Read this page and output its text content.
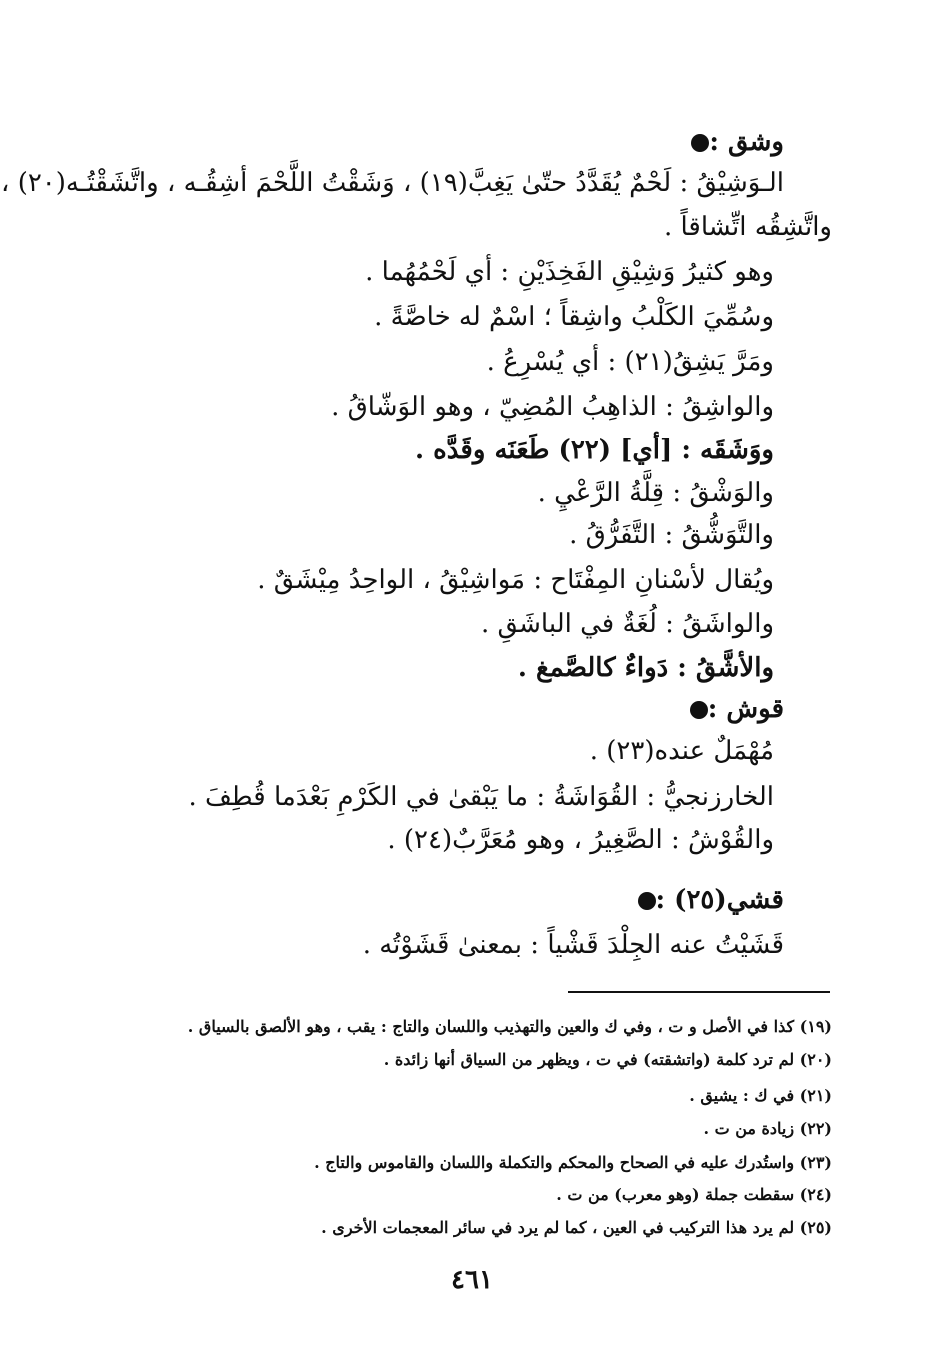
وشق :
الـوَشِيْقُ : لَحْمٌ يُقَدَّدُ حتّىٰ يَغِبَّ(١٩) ، وَشَقْتُ اللَّحْمَ أشِقُـه ، واتَّشَقْتُـه(٢٠) ،
واتَّشِقُه اتِّشاقاً .
وهو كثيرُ وَشِيْقِ الفَخِذَيْنِ : أي لَحْمُهُما .
وسُمِّيَ الكَلْبُ واشِقاً ؛ اسْمٌ له خاصَّةً .
ومَرَّ يَشِقُ(٢١) : أي يُسْرِعُ .
والواشِقُ : الذاهِبُ المُضِيّ ، وهو الوَشّاقُ .
ووَشَقَه : [أي] (٢٢) طَعَنَه وقَدَّه .
والوَشْقُ : قِلَّةُ الرَّعْيِ .
والتَّوَشُّقُ : التَّفَرُّقُ .
ويُقال لأسْنانِ المِفْتَاح : مَواشِيْقُ ، الواحِدُ مِيْشَقٌ .
والواشَقُ : لُغَةٌ في الباشَقِ .
والأشَّقُ : دَواءٌ كالصَّمغ .
قوش :
مُهْمَلٌ عنده(٢٣) .
الخارزنجيُّ : القُوَاشَةُ : ما يَبْقىٰ في الكَرْمِ بَعْدَما قُطِفَ .
والقُوْشُ : الصَّغِيرُ ، وهو مُعَرَّبٌ(٢٤) .
قشي(٢٥) :
قَشَيْتُ عنه الجِلْدَ قَشْياً : بمعنىٰ قَشَوْتُه .
(١٩) كذا في الأصل و ت ، وفي ك والعين والتهذيب واللسان والتاج : يقب ، وهو الألصق بالسياق .
(٢٠) لم ترد كلمة (واتشقته) في ت ، ويظهر من السياق أنها زائدة .
(٢١) في ك : يشيق .
(٢٢) زيادة من ت .
(٢٣) واستُدرك عليه في الصحاح والمحكم والتكملة واللسان والقاموس والتاج .
(٢٤) سقطت جملة (وهو معرب) من ت .
(٢٥) لم يرد هذا التركيب في العين ، كما لم يرد في سائر المعجمات الأخرى .
٤٦١
